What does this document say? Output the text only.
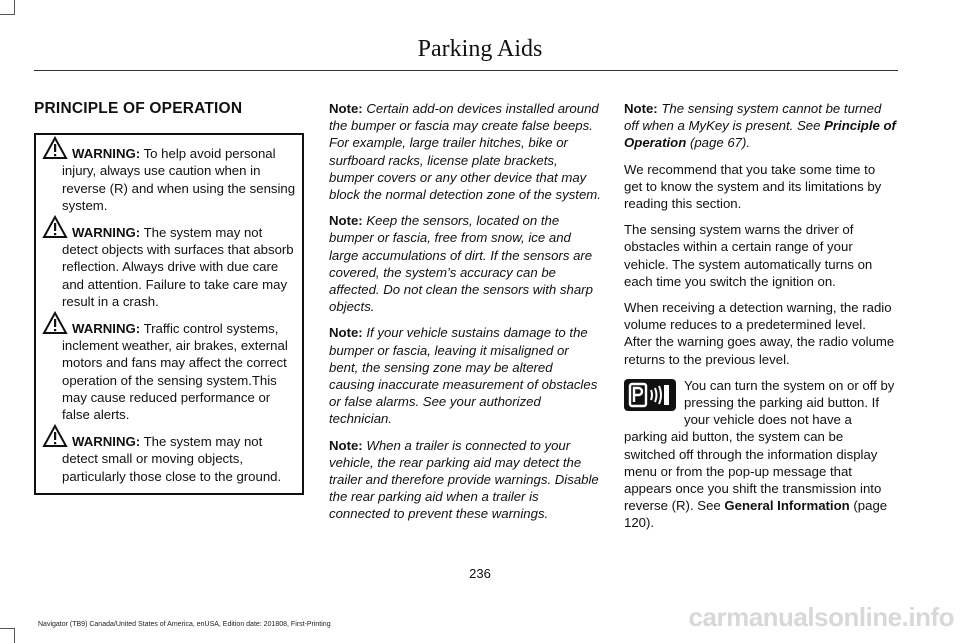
Parking Aids
PRINCIPLE OF OPERATION
WARNING: To help avoid personal injury, always use caution when in reverse (R) and when using the sensing system.
WARNING: The system may not detect objects with surfaces that absorb reflection. Always drive with due care and attention. Failure to take care may result in a crash.
WARNING: Traffic control systems, inclement weather, air brakes, external motors and fans may affect the correct operation of the sensing system.This may cause reduced performance or false alerts.
WARNING: The system may not detect small or moving objects, particularly those close to the ground.

Note: Certain add-on devices installed around the bumper or fascia may create false beeps. For example, large trailer hitches, bike or surfboard racks, license plate brackets, bumper covers or any other device that may block the normal detection zone of the system.

Note: Keep the sensors, located on the bumper or fascia, free from snow, ice and large accumulations of dirt. If the sensors are covered, the system’s accuracy can be affected. Do not clean the sensors with sharp objects.

Note: If your vehicle sustains damage to the bumper or fascia, leaving it misaligned or bent, the sensing zone may be altered causing inaccurate measurement of obstacles or false alarms. See your authorized technician.

Note: When a trailer is connected to your vehicle, the rear parking aid may detect the trailer and therefore provide warnings. Disable the rear parking aid when a trailer is connected to prevent these warnings.

Note: The sensing system cannot be turned off when a MyKey is present. See Principle of Operation (page 67).

We recommend that you take some time to get to know the system and its limitations by reading this section.

The sensing system warns the driver of obstacles within a certain range of your vehicle. The system automatically turns on each time you switch the ignition on.

When receiving a detection warning, the radio volume reduces to a predetermined level. After the warning goes away, the radio volume returns to the previous level.

You can turn the system on or off by pressing the parking aid button. If your vehicle does not have a parking aid button, the system can be switched off through the information display menu or from the pop-up message that appears once you shift the transmission into reverse (R). See General Information (page 120).

236
Navigator (TB9) Canada/United States of America, enUSA, Edition date: 201808, First-Printing	carmanualsonline.info
